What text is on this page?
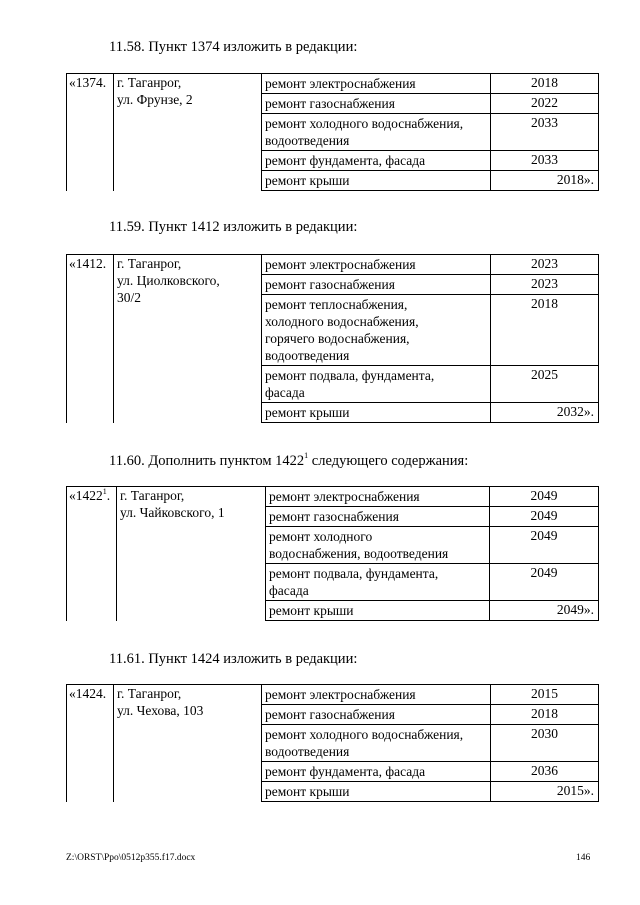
11.58. Пункт 1374 изложить в редакции:
«1374.	г. Таганрог,
ул. Фрунзе, 2	ремонт электроснабжения	2018
		ремонт газоснабжения	2022
		ремонт холодного водоснабжения,
водоотведения	2033
		ремонт фундамента, фасада	2033
		ремонт крыши	2018».
11.59. Пункт 1412 изложить в редакции:
«1412.	г. Таганрог,
ул. Циолковского,
30/2	ремонт электроснабжения	2023
		ремонт газоснабжения	2023
		ремонт теплоснабжения,
холодного водоснабжения,
горячего водоснабжения,
водоотведения	2018
		ремонт подвала, фундамента,
фасада	2025
		ремонт крыши	2032».
11.60. Дополнить пунктом 1422$^1$ следующего содержания:
«1422$^1$.	г. Таганрог,
ул. Чайковского, 1	ремонт электроснабжения	2049
		ремонт газоснабжения	2049
		ремонт холодного
водоснабжения, водоотведения	2049
		ремонт подвала, фундамента,
фасада	2049
		ремонт крыши	2049».
11.61. Пункт 1424 изложить в редакции:
«1424.	г. Таганрог,
ул. Чехова, 103	ремонт электроснабжения	2015
		ремонт газоснабжения	2018
		ремонт холодного водоснабжения,
водоотведения	2030
		ремонт фундамента, фасада	2036
		ремонт крыши	2015».
Z:\ORST\Ppo\0512p355.f17.docx	146
